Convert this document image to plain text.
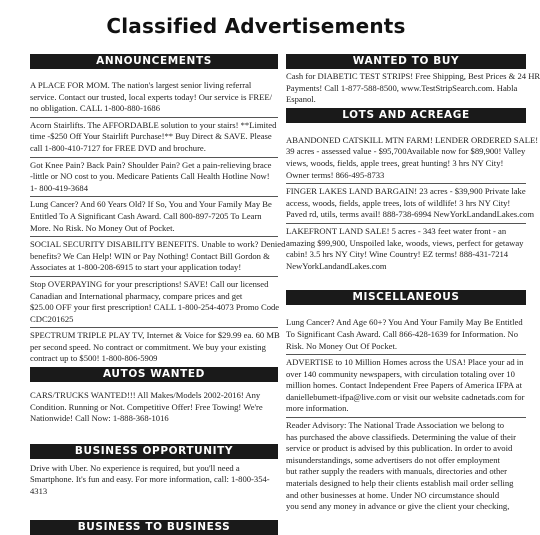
Classified Advertisements
ANNOUNCEMENTS
A PLACE FOR MOM. The nation's largest senior living referral
service. Contact our trusted, local experts today! Our service is FREE/
no obligation. CALL 1-800-880-1686
Acorn Stairlifts. The AFFORDABLE solution to your stairs! **Limited
time -$250 Off Your Stairlift Purchase!** Buy Direct & SAVE. Please
call 1-800-410-7127 for FREE DVD and brochure.
Got Knee Pain? Back Pain? Shoulder Pain? Get a pain-relieving brace
-little or NO cost to you. Medicare Patients Call Health Hotline Now!
1- 800-419-3684
Lung Cancer? And 60 Years Old? If So, You and Your Family May Be
Entitled To A Significant Cash Award. Call 800-897-7205 To Learn
More. No Risk. No Money Out of Pocket.
SOCIAL SECURITY DISABILITY BENEFITS. Unable to work? Denied
benefits? We Can Help! WIN or Pay Nothing! Contact Bill Gordon &
Associates at 1-800-208-6915 to start your application today!
Stop OVERPAYING for your prescriptions! SAVE! Call our licensed
Canadian and International pharmacy, compare prices and get
$25.00 OFF your first prescription! CALL 1-800-254-4073 Promo Code
CDC201625
SPECTRUM TRIPLE PLAY TV, Internet & Voice for $29.99 ea. 60 MB
per second speed. No contract or commitment. We buy your existing
contract up to $500! 1-800-806-5909
AUTOS WANTED
CARS/TRUCKS WANTED!!! All Makes/Models 2002-2016! Any
Condition. Running or Not. Competitive Offer! Free Towing! We're
Nationwide! Call Now: 1-888-368-1016
BUSINESS OPPORTUNITY
Drive with Uber. No experience is required, but you'll need a
Smartphone. It's fun and easy. For more information, call: 1-800-354-
4313
BUSINESS TO BUSINESS
WANTED TO BUY
Cash for DIABETIC TEST STRIPS! Free Shipping, Best Prices & 24 HR
Payments! Call 1-877-588-8500, www.TestStripSearch.com. Habla
Espanol.
LOTS AND ACREAGE
ABANDONED CATSKILL MTN FARM! LENDER ORDERED SALE!
39 acres - assessed value - $95,700Available now for $89,900! Valley
views, woods, fields, apple trees, great hunting! 3 hrs NY City!
Owner terms! 866-495-8733
FINGER LAKES LAND BARGAIN! 23 acres - $39,900 Private lake
access, woods, fields, apple trees, lots of wildlife! 3 hrs NY City!
Paved rd, utils, terms avail! 888-738-6994 NewYorkLandandLakes.com
LAKEFRONT LAND SALE! 5 acres - 343 feet water front - an
amazing $99,900, Unspoiled lake, woods, views, perfect for getaway
cabin! 3.5 hrs NY City! Wine Country! EZ terms! 888-431-7214
NewYorkLandandLakes.com
MISCELLANEOUS
Lung Cancer? And Age 60+? You And Your Family May Be Entitled
To Significant Cash Award. Call 866-428-1639 for Information. No
Risk. No Money Out Of Pocket.
ADVERTISE to 10 Million Homes across the USA! Place your ad in
over 140 community newspapers, with circulation totaling over 10
million homes. Contact Independent Free Papers of America IFPA at
daniellebumett-ifpa@live.com or visit our website cadnetads.com for
more information.
Reader Advisory: The National Trade Association we belong to
has purchased the above classifieds. Determining the value of their
service or product is advised by this publication. In order to avoid
misunderstandings, some advertisers do not offer employment
but rather supply the readers with manuals, directories and other
materials designed to help their clients establish mail order selling
and other businesses at home. Under NO circumstance should
you send any money in advance or give the client your checking,
